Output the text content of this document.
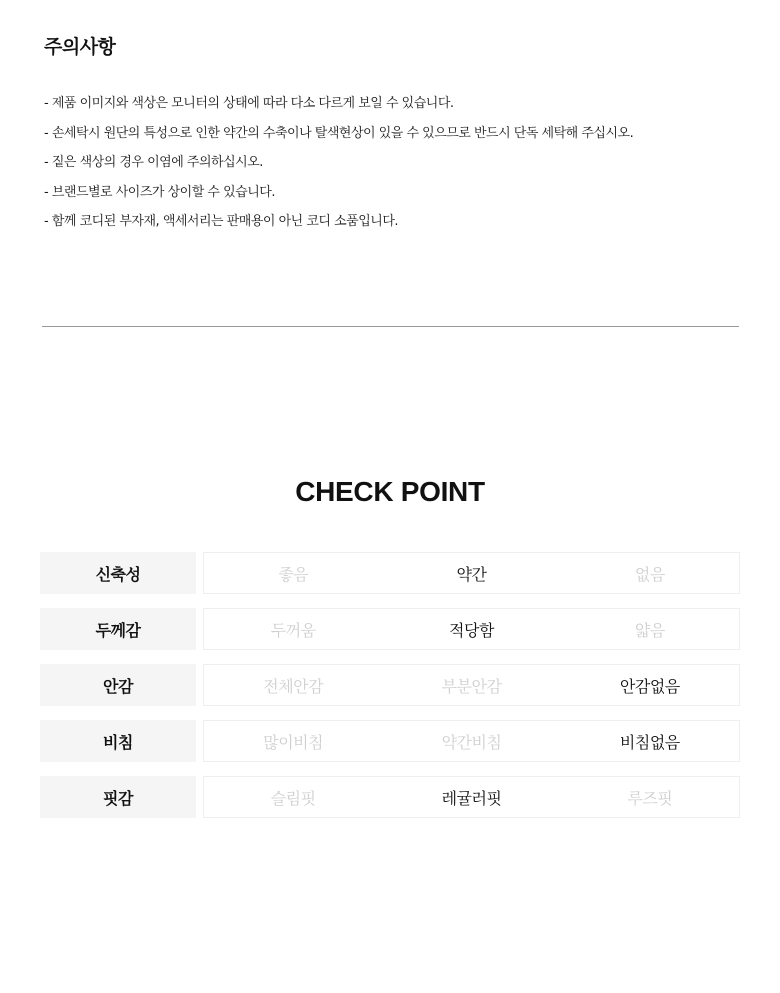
주의사항
- 제품 이미지와 색상은 모니터의 상태에 따라 다소 다르게 보일 수 있습니다.
- 손세탁시 원단의 특성으로 인한 약간의 수축이나 탈색현상이 있을 수 있으므로 반드시 단독 세탁해 주십시오.
- 짙은 색상의 경우 이염에 주의하십시오.
- 브랜드별로 사이즈가 상이할 수 있습니다.
- 함께 코디된 부자재, 액세서리는 판매용이 아닌 코디 소품입니다.
CHECK POINT
신축성	좋음	약간	없음
두께감	두꺼움	적당함	얇음
안감	전체안감	부분안감	안감없음
비침	많이비침	약간비침	비침없음
핏감	슬림핏	레귤러핏	루즈핏
